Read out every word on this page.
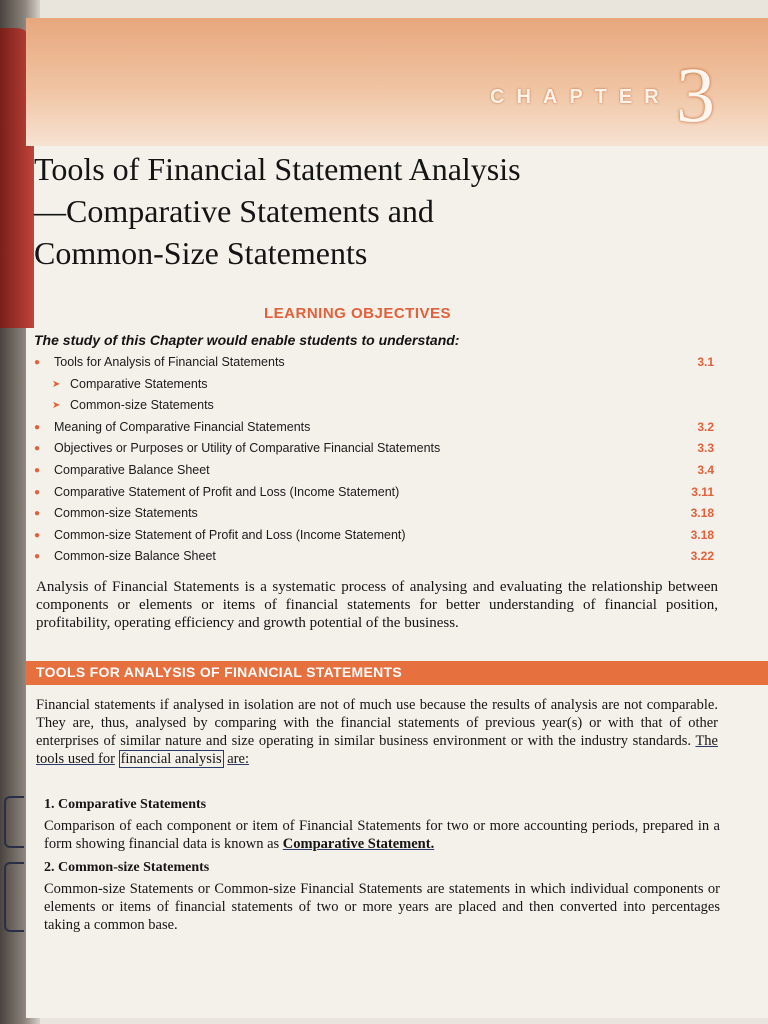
CHAPTER 3
Tools of Financial Statement Analysis
—Comparative Statements and
Common-Size Statements
LEARNING OBJECTIVES
The study of this Chapter would enable students to understand:
● Tools for Analysis of Financial Statements	3.1
➤ Comparative Statements
➤ Common-size Statements
● Meaning of Comparative Financial Statements	3.2
● Objectives or Purposes or Utility of Comparative Financial Statements	3.3
● Comparative Balance Sheet	3.4
● Comparative Statement of Profit and Loss (Income Statement)	3.11
● Common-size Statements	3.18
● Common-size Statement of Profit and Loss (Income Statement)	3.18
● Common-size Balance Sheet	3.22

Analysis of Financial Statements is a systematic process of analysing and evaluating the relationship between components or elements or items of financial statements for better understanding of financial position, profitability, operating efficiency and growth potential of the business.

TOOLS FOR ANALYSIS OF FINANCIAL STATEMENTS

Financial statements if analysed in isolation are not of much use because the results of analysis are not comparable. They are, thus, analysed by comparing with the financial statements of previous year(s) or with that of other enterprises of similar nature and size operating in similar business environment or with the industry standards. The tools used for financial analysis are:

1. Comparative Statements

Comparison of each component or item of Financial Statements for two or more accounting periods, prepared in a form showing financial data is known as Comparative Statement.

2. Common-size Statements

Common-size Statements or Common-size Financial Statements are statements in which individual components or elements or items of financial statements of two or more years are placed and then converted into percentages taking a common base.
